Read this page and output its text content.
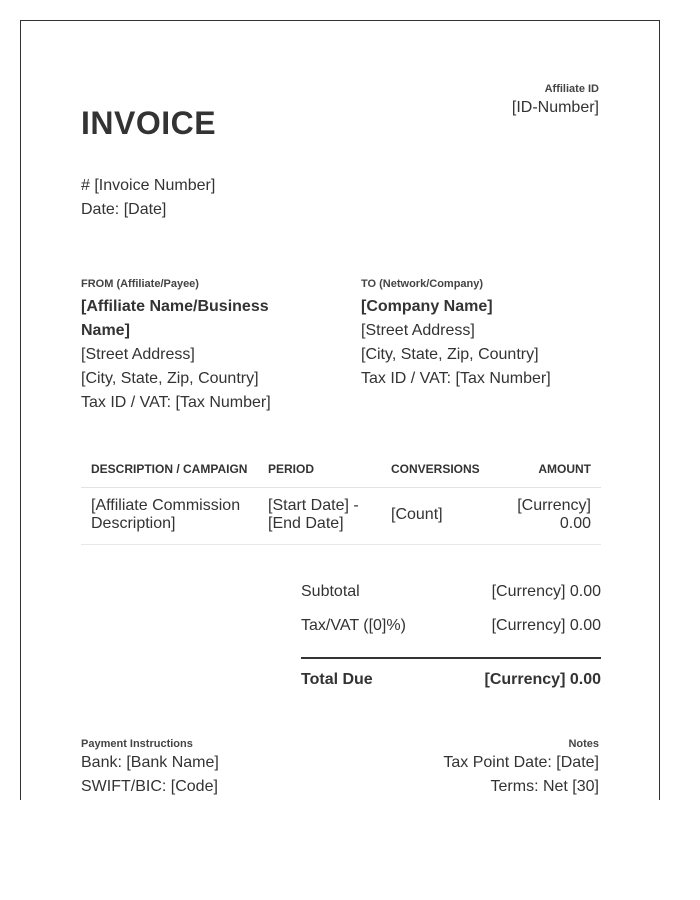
INVOICE
Affiliate ID
[ID-Number]
# [Invoice Number]
Date: [Date]
FROM (Affiliate/Payee)
[Affiliate Name/Business Name]
[Street Address]
[City, State, Zip, Country]
Tax ID / VAT: [Tax Number]
TO (Network/Company)
[Company Name]
[Street Address]
[City, State, Zip, Country]
Tax ID / VAT: [Tax Number]
DESCRIPTION / CAMPAIGN	PERIOD	CONVERSIONS	AMOUNT
[Affiliate Commission Description]	[Start Date] - [End Date]	[Count]	[Currency] 0.00
Subtotal	[Currency] 0.00
Tax/VAT ([0]%)	[Currency] 0.00
Total Due	[Currency] 0.00
Payment Instructions
Bank: [Bank Name]
SWIFT/BIC: [Code]
Notes
Tax Point Date: [Date]
Terms: Net [30]
